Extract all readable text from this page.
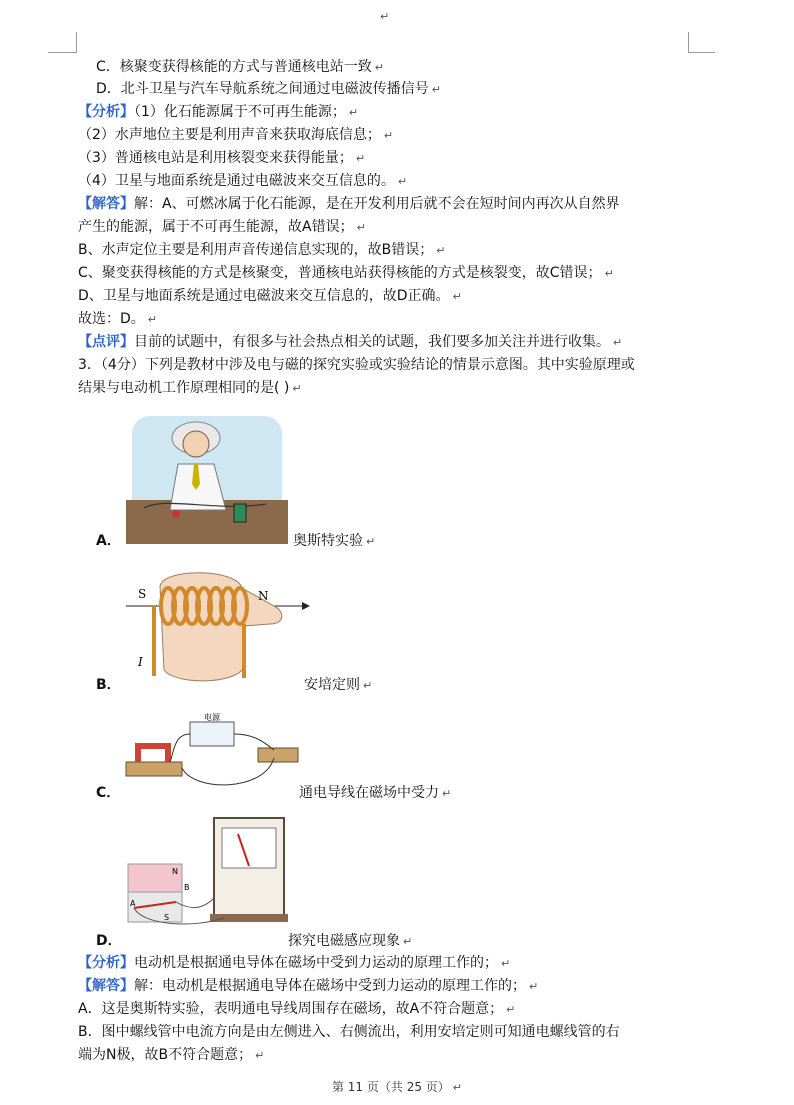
↵
C．核聚变获得核能的方式与普通核电站一致 ↵
D．北斗卫星与汽车导航系统之间通过电磁波传播信号 ↵
【分析】（1）化石能源属于不可再生能源； ↵
（2）水声地位主要是利用声音来获取海底信息； ↵
（3）普通核电站是利用核裂变来获得能量； ↵
（4）卫星与地面系统是通过电磁波来交互信息的。 ↵
【解答】解：A、可燃冰属于化石能源，是在开发利用后就不会在短时间内再次从自然界
产生的能源，属于不可再生能源，故A错误； ↵
B、水声定位主要是利用声音传递信息实现的，故B错误； ↵
C、聚变获得核能的方式是核聚变，普通核电站获得核能的方式是核裂变，故C错误； ↵
D、卫星与地面系统是通过电磁波来交互信息的，故D正确。 ↵
故选：D。 ↵
【点评】目前的试题中，有很多与社会热点相关的试题，我们要多加关注并进行收集。 ↵
3．（4分）下列是教材中涉及电与磁的探究实验或实验结论的情景示意图。其中实验原理或
结果与电动机工作原理相同的是( ) ↵
A．	奥斯特实验 ↵
S	N
I
B．	安培定则 ↵
电源
C．	通电导线在磁场中受力 ↵
A
B
N
S
D．	探究电磁感应现象 ↵
【分析】电动机是根据通电导体在磁场中受到力运动的原理工作的； ↵
【解答】解：电动机是根据通电导体在磁场中受到力运动的原理工作的； ↵
A．这是奥斯特实验，表明通电导线周围存在磁场，故A不符合题意； ↵
B．图中螺线管中电流方向是由左侧进入、右侧流出，利用安培定则可知通电螺线管的右
端为N极，故B不符合题意； ↵
第 11 页（共 25 页） ↵
